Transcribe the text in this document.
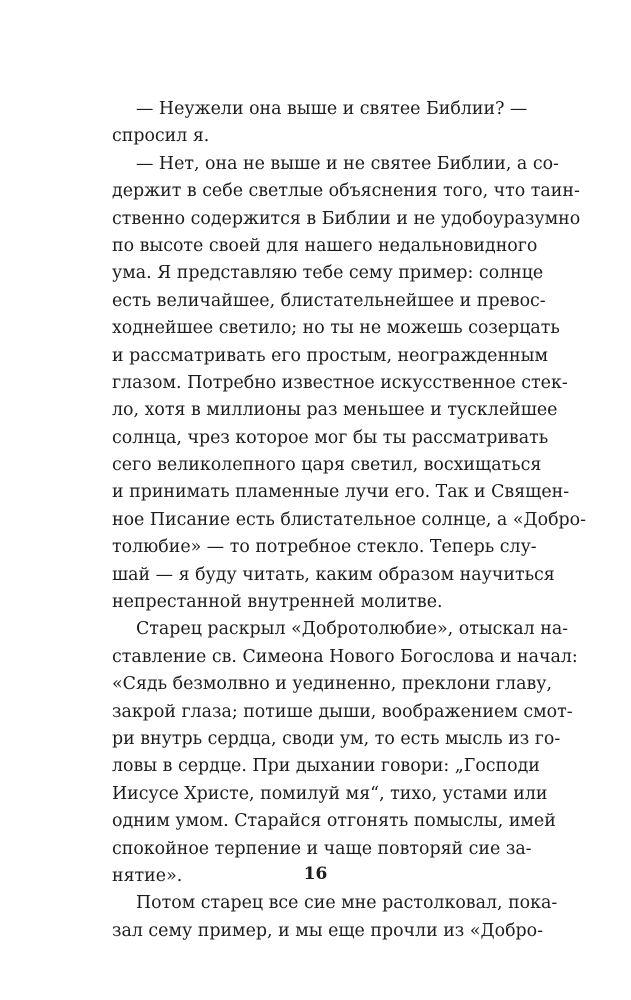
— Неужели она выше и святее Библии? —
спросил я.
— Нет, она не выше и не святее Библии, а со-
держит в себе светлые объяснения того, что таин-
ственно содержится в Библии и не удобоуразумно
по высоте своей для нашего недальновидного
ума. Я представляю тебе сему пример: солнце
есть величайшее, блистательнейшее и превос-
ходнейшее светило; но ты не можешь созерцать
и рассматривать его простым, неогражденным
глазом. Потребно известное искусственное стек-
ло, хотя в миллионы раз меньшее и тусклейшее
солнца, чрез которое мог бы ты рассматривать
сего великолепного царя светил, восхищаться
и принимать пламенные лучи его. Так и Священ-
ное Писание есть блистательное солнце, а «Добро-
толюбие» — то потребное стекло. Теперь слу-
шай — я буду читать, каким образом научиться
непрестанной внутренней молитве.
Старец раскрыл «Добротолюбие», отыскал на-
ставление св. Симеона Нового Богослова и начал:
«Сядь безмолвно и уединенно, преклони главу,
закрой глаза; потише дыши, воображением смот-
ри внутрь сердца, своди ум, то есть мысль из го-
ловы в сердце. При дыхании говори: „Господи
Иисусе Христе, помилуй мя“, тихо, устами или
одним умом. Старайся отгонять помыслы, имей
спокойное терпение и чаще повторяй сие за-
нятие».
Потом старец все сие мне растолковал, пока-
зал сему пример, и мы еще прочли из «Добро-
16
